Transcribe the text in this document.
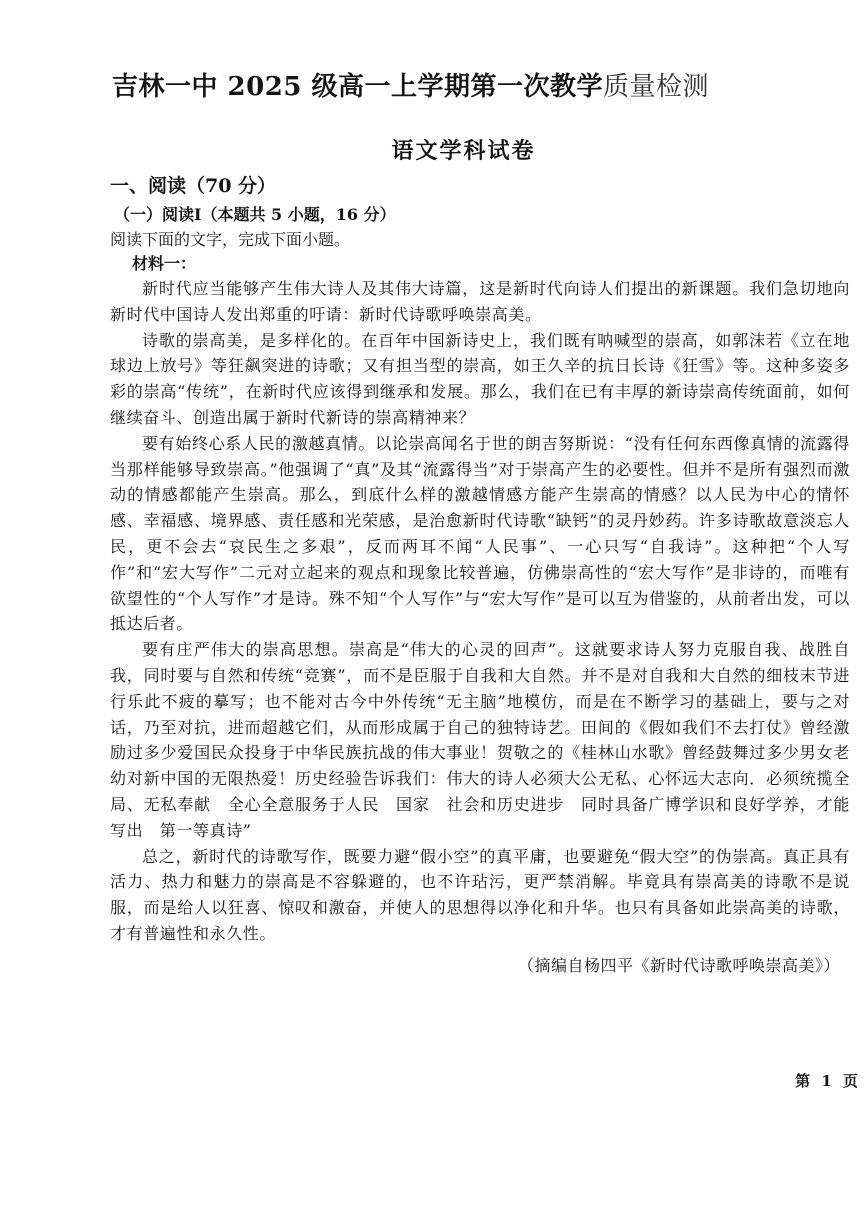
吉林一中 2025 级高一上学期第一次教学质量检测
语文学科试卷
一、阅读（70 分）
（一）阅读I（本题共 5 小题，16 分）
阅读下面的文字，完成下面小题。
材料一：

新时代应当能够产生伟大诗人及其伟大诗篇，这是新时代向诗人们提出的新课题。我们急切地向新时代中国诗人发出郑重的吁请：新时代诗歌呼唤崇高美。

诗歌的崇高美，是多样化的。在百年中国新诗史上，我们既有呐喊型的崇高，如郭沫若《立在地球边上放号》等狂飙突进的诗歌；又有担当型的崇高，如王久辛的抗日长诗《狂雪》等。这种多姿多彩的崇高“传统”，在新时代应该得到继承和发展。那么，我们在已有丰厚的新诗崇高传统面前，如何继续奋斗、创造出属于新时代新诗的崇高精神来？

要有始终心系人民的激越真情。以论崇高闻名于世的朗吉努斯说：“没有任何东西像真情的流露得当那样能够导致崇高。”他强调了“真”及其“流露得当”对于崇高产生的必要性。但并不是所有强烈而激动的情感都能产生崇高。那么，到底什么样的激越情感方能产生崇高的情感？以人民为中心的情怀感、幸福感、境界感、责任感和光荣感，是治愈新时代诗歌“缺钙”的灵丹妙药。许多诗歌故意淡忘人民，更不会去“哀民生之多艰”，反而两耳不闻“人民事”、一心只写“自我诗”。这种把“个人写作”和“宏大写作”二元对立起来的观点和现象比较普遍，仿佛崇高性的“宏大写作”是非诗的，而唯有欲望性的“个人写作”才是诗。殊不知“个人写作”与“宏大写作”是可以互为借鉴的，从前者出发，可以抵达后者。

要有庄严伟大的崇高思想。崇高是“伟大的心灵的回声”。这就要求诗人努力克服自我、战胜自我，同时要与自然和传统“竞赛”，而不是臣服于自我和大自然。并不是对自我和大自然的细枝末节进行乐此不疲的摹写；也不能对古今中外传统“无主脑”地模仿，而是在不断学习的基础上，要与之对话，乃至对抗，进而超越它们，从而形成属于自己的独特诗艺。田间的《假如我们不去打仗》曾经激励过多少爱国民众投身于中华民族抗战的伟大事业！贺敬之的《桂林山水歌》曾经鼓舞过多少男女老幼对新中国的无限热爱！历史经验告诉我们：伟大的诗人必须大公无私、心怀远大志向．必须统揽全局、无私奉献　全心全意服务于人民　国家　社会和历史进步　同时具备广博学识和良好学养，才能写出　第一等真诗”

总之，新时代的诗歌写作，既要力避“假小空”的真平庸，也要避免“假大空”的伪崇高。真正具有活力、热力和魅力的崇高是不容躲避的，也不许玷污，更严禁消解。毕竟具有崇高美的诗歌不是说服，而是给人以狂喜、惊叹和激奋，并使人的思想得以净化和升华。也只有具备如此崇高美的诗歌，才有普遍性和永久性。

（摘编自杨四平《新时代诗歌呼唤崇高美》）
第 1 页
